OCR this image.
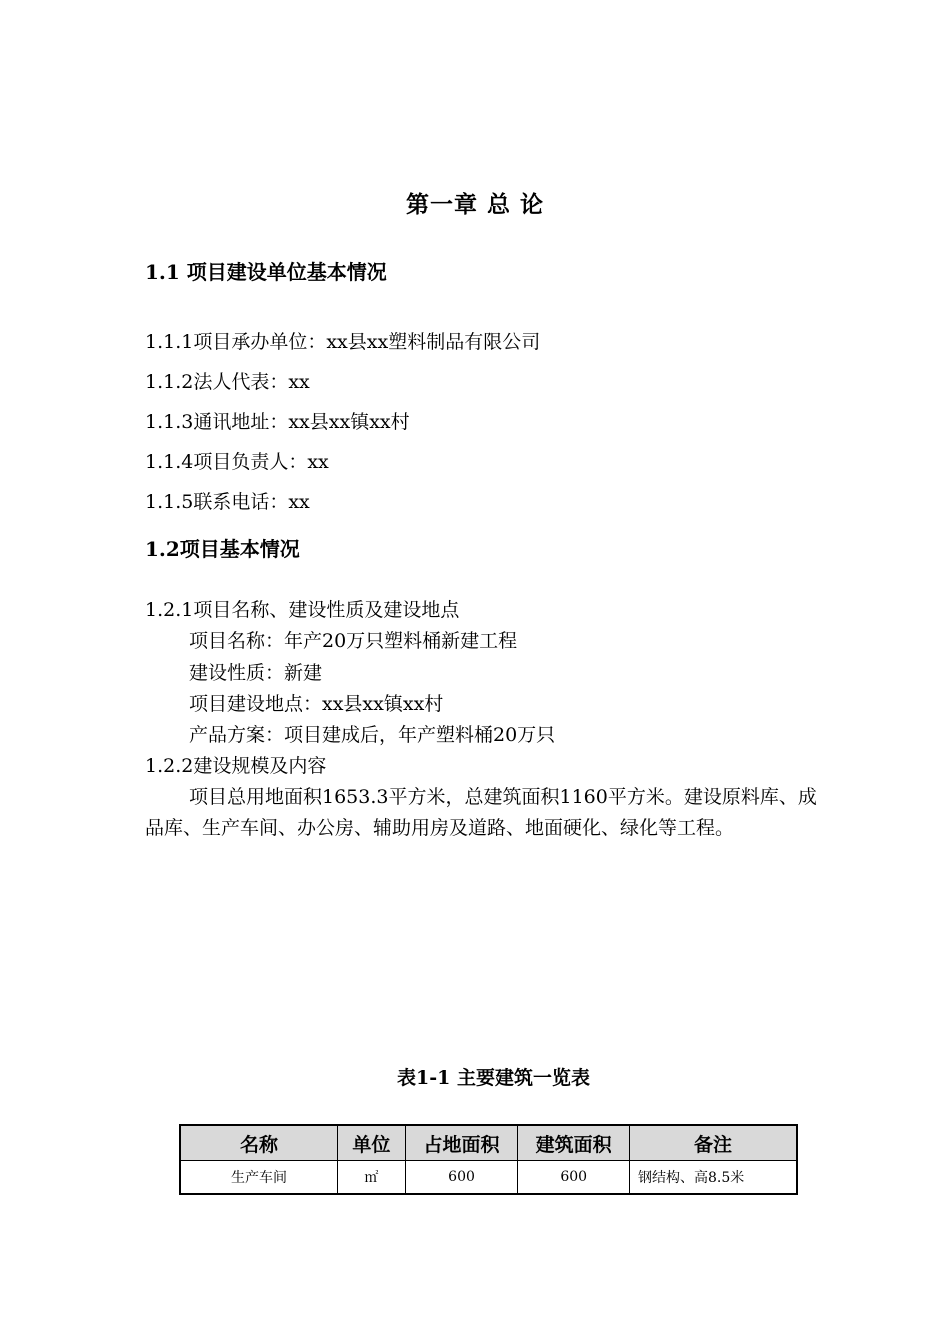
第一章 总 论
1.1 项目建设单位基本情况
1.1.1项目承办单位：xx县xx塑料制品有限公司
1.1.2法人代表：xx
1.1.3通讯地址：xx县xx镇xx村
1.1.4项目负责人：xx
1.1.5联系电话：xx
1.2项目基本情况
1.2.1项目名称、建设性质及建设地点
项目名称：年产20万只塑料桶新建工程
建设性质：新建
项目建设地点：xx县xx镇xx村
产品方案：项目建成后，年产塑料桶20万只
1.2.2建设规模及内容
项目总用地面积1653.3平方米，总建筑面积1160平方米。建设原料库、成品库、生产车间、办公房、辅助用房及道路、地面硬化、绿化等工程。
表1-1 主要建筑一览表
名称	单位	占地面积	建筑面积	备注
生产车间	㎡	600	600	钢结构、高8.5米
